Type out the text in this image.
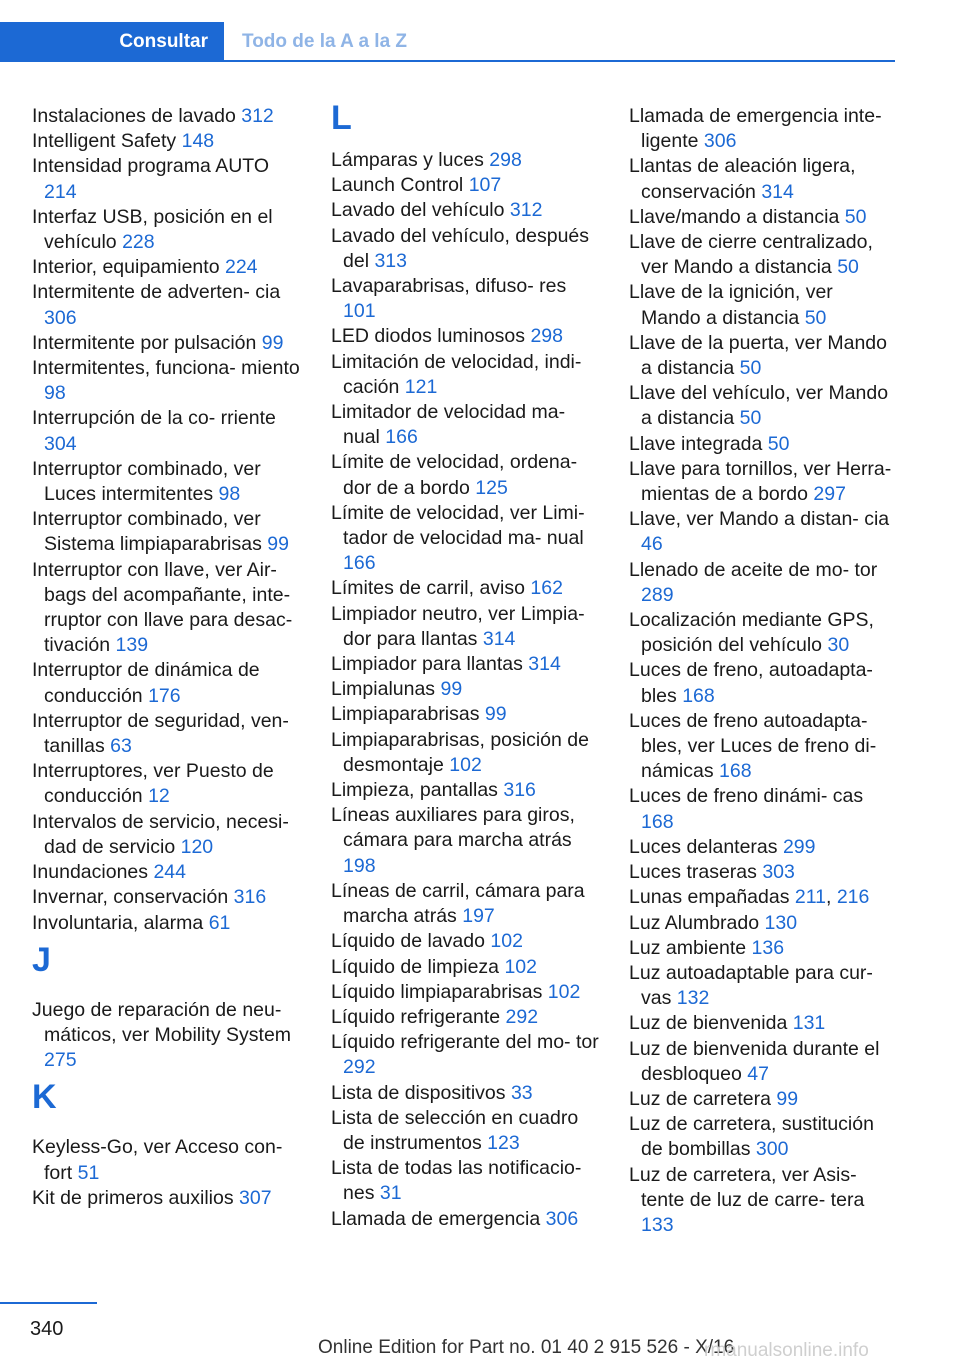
Consultar	Todo de la A a la Z
Instalaciones de lavado 312
Intelligent Safety 148
Intensidad programa AUTO 214
Interfaz USB, posición en el vehículo 228
Interior, equipamiento 224
Intermitente de adverten- cia 306
Intermitente por pulsación 99
Intermitentes, funciona- miento 98
Interrupción de la co- rriente 304
Interruptor combinado, ver Luces intermitentes 98
Interruptor combinado, ver Sistema limpiaparabrisas 99
Interruptor con llave, ver Air- bags del acompañante, inte- rruptor con llave para desac- tivación 139
Interruptor de dinámica de conducción 176
Interruptor de seguridad, ven- tanillas 63
Interruptores, ver Puesto de conducción 12
Intervalos de servicio, necesi- dad de servicio 120
Inundaciones 244
Invernar, conservación 316
Involuntaria, alarma 61
J
Juego de reparación de neu- máticos, ver Mobility System 275
K
Keyless-Go, ver Acceso con- fort 51
Kit de primeros auxilios 307
L
Lámparas y luces 298
Launch Control 107
Lavado del vehículo 312
Lavado del vehículo, después del 313
Lavaparabrisas, difuso- res 101
LED diodos luminosos 298
Limitación de velocidad, indi- cación 121
Limitador de velocidad ma- nual 166
Límite de velocidad, ordena- dor de a bordo 125
Límite de velocidad, ver Limi- tador de velocidad ma- nual 166
Límites de carril, aviso 162
Limpiador neutro, ver Limpia- dor para llantas 314
Limpiador para llantas 314
Limpialunas 99
Limpiaparabrisas 99
Limpiaparabrisas, posición de desmontaje 102
Limpieza, pantallas 316
Líneas auxiliares para giros, cámara para marcha atrás 198
Líneas de carril, cámara para marcha atrás 197
Líquido de lavado 102
Líquido de limpieza 102
Líquido limpiaparabrisas 102
Líquido refrigerante 292
Líquido refrigerante del mo- tor 292
Lista de dispositivos 33
Lista de selección en cuadro de instrumentos 123
Lista de todas las notificacio- nes 31
Llamada de emergencia 306
Llamada de emergencia inte- ligente 306
Llantas de aleación ligera, conservación 314
Llave/mando a distancia 50
Llave de cierre centralizado, ver Mando a distancia 50
Llave de la ignición, ver Mando a distancia 50
Llave de la puerta, ver Mando a distancia 50
Llave del vehículo, ver Mando a distancia 50
Llave integrada 50
Llave para tornillos, ver Herra- mientas de a bordo 297
Llave, ver Mando a distan- cia 46
Llenado de aceite de mo- tor 289
Localización mediante GPS, posición del vehículo 30
Luces de freno, autoadapta- bles 168
Luces de freno autoadapta- bles, ver Luces de freno di- námicas 168
Luces de freno dinámi- cas 168
Luces delanteras 299
Luces traseras 303
Lunas empañadas 211, 216
Luz Alumbrado 130
Luz ambiente 136
Luz autoadaptable para cur- vas 132
Luz de bienvenida 131
Luz de bienvenida durante el desbloqueo 47
Luz de carretera 99
Luz de carretera, sustitución de bombillas 300
Luz de carretera, ver Asis- tente de luz de carre- tera 133
340
Online Edition for Part no. 01 40 2 915 526 - X/16
rmanualsonline.info
